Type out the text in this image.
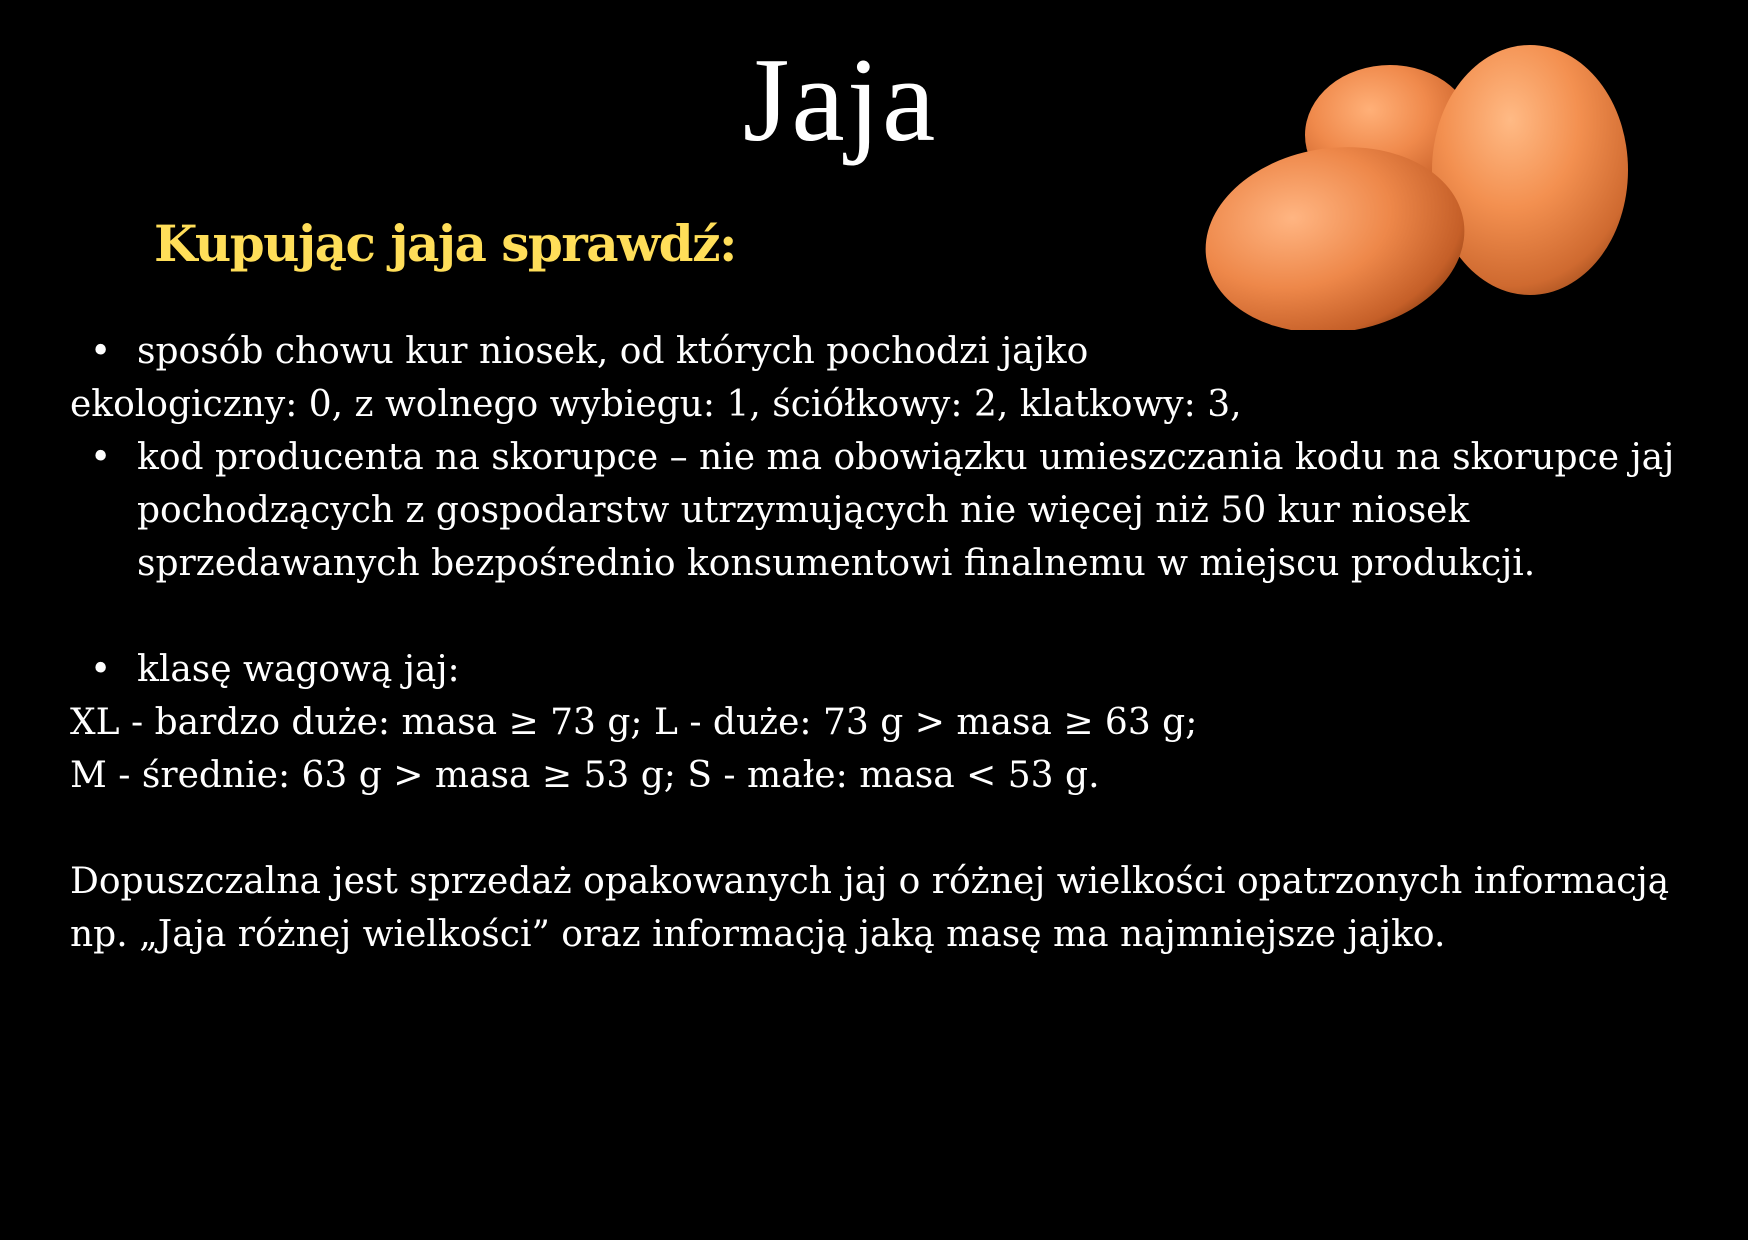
Jaja
Kupując jaja sprawdź:

• sposób chowu kur niosek, od których pochodzi jajko

ekologiczny: 0, z wolnego wybiegu: 1, ściółkowy: 2, klatkowy: 3,

• kod producenta na skorupce – nie ma obowiązku umieszczania kodu na skorupce jaj pochodzących z gospodarstw utrzymujących nie więcej niż 50 kur niosek sprzedawanych bezpośrednio konsumentowi finalnemu w miejscu produkcji.

• klasę wagową jaj:

XL - bardzo duże: masa ≥ 73 g; L - duże: 73 g > masa ≥ 63 g;

M - średnie: 63 g > masa ≥ 53 g; S - małe: masa < 53 g.

Dopuszczalna jest sprzedaż opakowanych jaj o różnej wielkości opatrzonych informacją np. „Jaja różnej wielkości” oraz informacją jaką masę ma najmniejsze jajko.
